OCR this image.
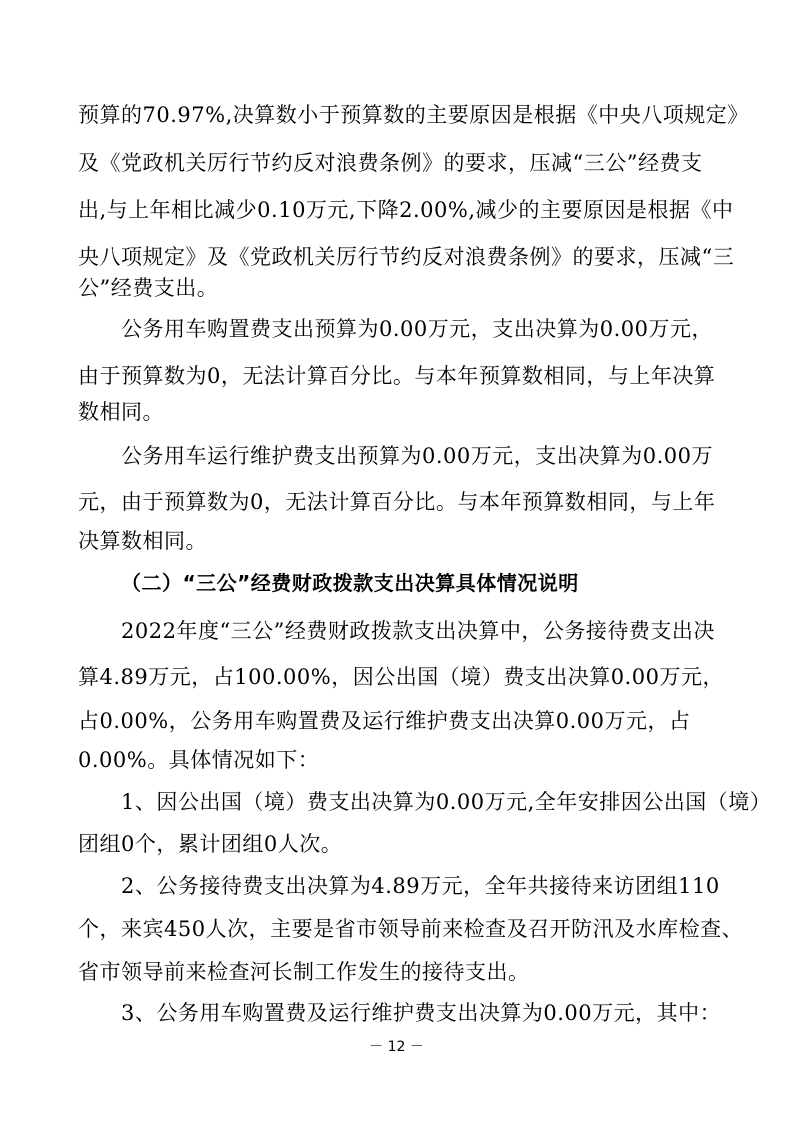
预算的70.97%,决算数小于预算数的主要原因是根据《中央八项规定》
及《党政机关厉行节约反对浪费条例》的要求，压减“三公”经费支
出,与上年相比减少0.10万元,下降2.00%,减少的主要原因是根据《中
央八项规定》及《党政机关厉行节约反对浪费条例》的要求，压减“三
公”经费支出。
公务用车购置费支出预算为0.00万元，支出决算为0.00万元，
由于预算数为0，无法计算百分比。与本年预算数相同，与上年决算
数相同。
公务用车运行维护费支出预算为0.00万元，支出决算为0.00万
元，由于预算数为0，无法计算百分比。与本年预算数相同，与上年
决算数相同。
（二）“三公”经费财政拨款支出决算具体情况说明
2022年度“三公”经费财政拨款支出决算中，公务接待费支出决
算4.89万元，占100.00%，因公出国（境）费支出决算0.00万元，
占0.00%，公务用车购置费及运行维护费支出决算0.00万元，占
0.00%。具体情况如下：
1、因公出国（境）费支出决算为0.00万元,全年安排因公出国（境）
团组0个，累计团组0人次。
2、公务接待费支出决算为4.89万元，全年共接待来访团组110
个，来宾450人次，主要是省市领导前来检查及召开防汛及水库检查、
省市领导前来检查河长制工作发生的接待支出。
3、公务用车购置费及运行维护费支出决算为0.00万元，其中：
－ 12 －
